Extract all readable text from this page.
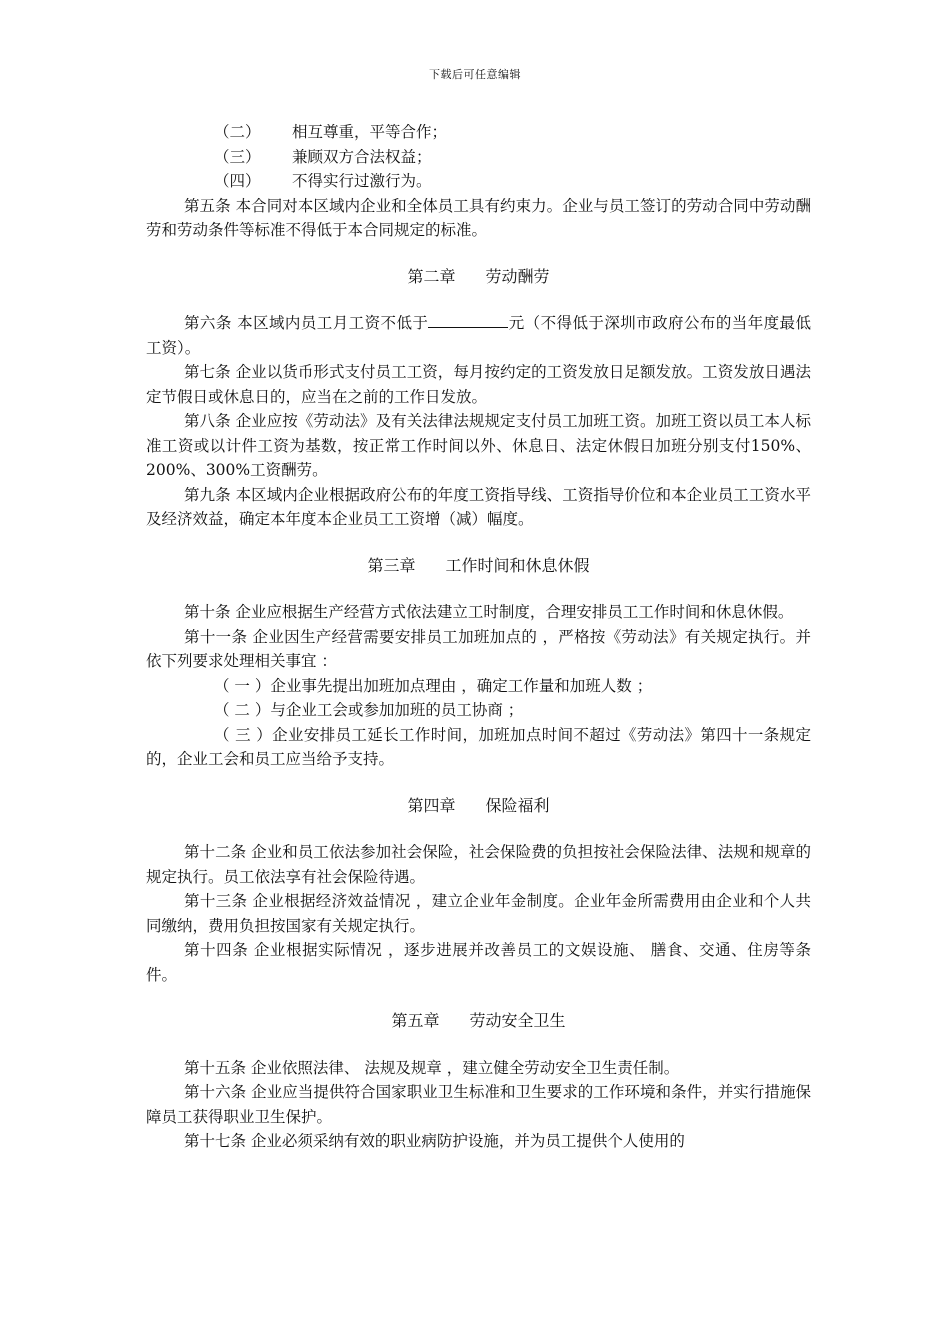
下载后可任意编辑

（二） 相互尊重，平等合作；

（三） 兼顾双方合法权益；

（四） 不得实行过激行为。

第五条 本合同对本区域内企业和全体员工具有约束力。企业与员工签订的劳动合同中劳动酬劳和劳动条件等标准不得低于本合同规定的标准。

第二章 劳动酬劳

第六条 本区域内员工月工资不低于	元（不得低于深圳市政府公布的当年度最低工资）。

第七条 企业以货币形式支付员工工资，每月按约定的工资发放日足额发放。工资发放日遇法定节假日或休息日的，应当在之前的工作日发放。

第八条 企业应按《劳动法》及有关法律法规规定支付员工加班工资。加班工资以员工本人标准工资或以计件工资为基数，按正常工作时间以外、休息日、法定休假日加班分别支付150%、200%、300%工资酬劳。

第九条 本区域内企业根据政府公布的年度工资指导线、工资指导价位和本企业员工工资水平及经济效益，确定本年度本企业员工工资增（减）幅度。

第三章 工作时间和休息休假

第十条 企业应根据生产经营方式依法建立工时制度，合理安排员工工作时间和休息休假。

第十一条 企业因生产经营需要安排员工加班加点的 ，严格按《劳动法》有关规定执行。并依下列要求处理相关事宜 ：

（ 一 ）企业事先提出加班加点理由 ，确定工作量和加班人数 ；

（ 二 ）与企业工会或参加加班的员工协商 ；

（ 三 ）企业安排员工延长工作时间，加班加点时间不超过《劳动法》第四十一条规定的，企业工会和员工应当给予支持。

第四章 保险福利

第十二条 企业和员工依法参加社会保险，社会保险费的负担按社会保险法律、法规和规章的规定执行。员工依法享有社会保险待遇。

第十三条 企业根据经济效益情况 ，建立企业年金制度。企业年金所需费用由企业和个人共同缴纳，费用负担按国家有关规定执行。

第十四条 企业根据实际情况 ，逐步进展并改善员工的文娱设施、 膳食、交通、住房等条件。

第五章 劳动安全卫生

第十五条 企业依照法律、 法规及规章 ，建立健全劳动安全卫生责任制。

第十六条 企业应当提供符合国家职业卫生标准和卫生要求的工作环境和条件，并实行措施保障员工获得职业卫生保护。

第十七条 企业必须采纳有效的职业病防护设施，并为员工提供个人使用的
